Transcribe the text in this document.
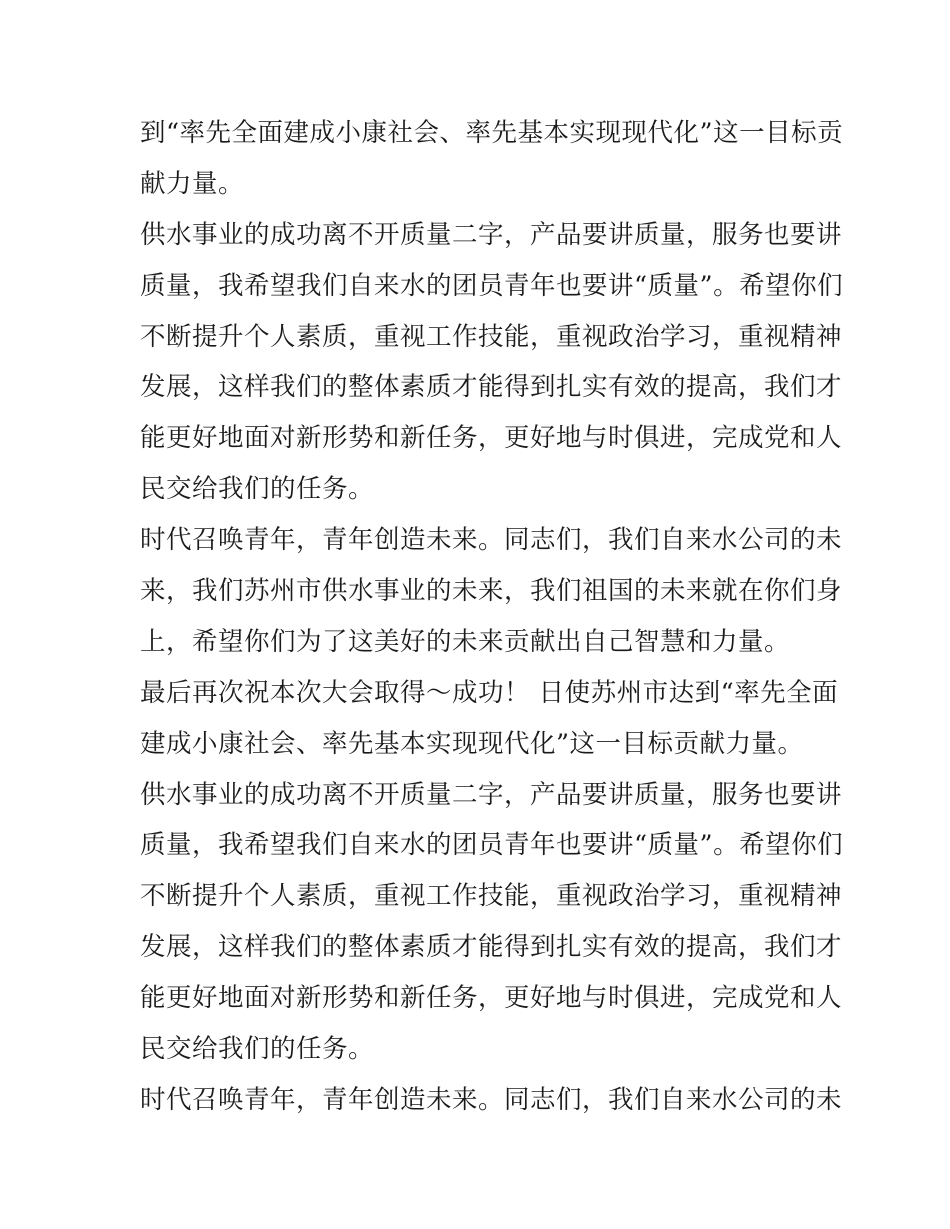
到“率先全面建成小康社会、率先基本实现现代化”这一目标贡
献力量。
供水事业的成功离不开质量二字，产品要讲质量，服务也要讲
质量，我希望我们自来水的团员青年也要讲“质量”。希望你们
不断提升个人素质，重视工作技能，重视政治学习，重视精神
发展，这样我们的整体素质才能得到扎实有效的提高，我们才
能更好地面对新形势和新任务，更好地与时俱进，完成党和人
民交给我们的任务。
时代召唤青年，青年创造未来。同志们，我们自来水公司的未
来，我们苏州市供水事业的未来，我们祖国的未来就在你们身
上，希望你们为了这美好的未来贡献出自己智慧和力量。
最后再次祝本次大会取得～成功！ 日使苏州市达到“率先全面
建成小康社会、率先基本实现现代化”这一目标贡献力量。
供水事业的成功离不开质量二字，产品要讲质量，服务也要讲
质量，我希望我们自来水的团员青年也要讲“质量”。希望你们
不断提升个人素质，重视工作技能，重视政治学习，重视精神
发展，这样我们的整体素质才能得到扎实有效的提高，我们才
能更好地面对新形势和新任务，更好地与时俱进，完成党和人
民交给我们的任务。
时代召唤青年，青年创造未来。同志们，我们自来水公司的未
